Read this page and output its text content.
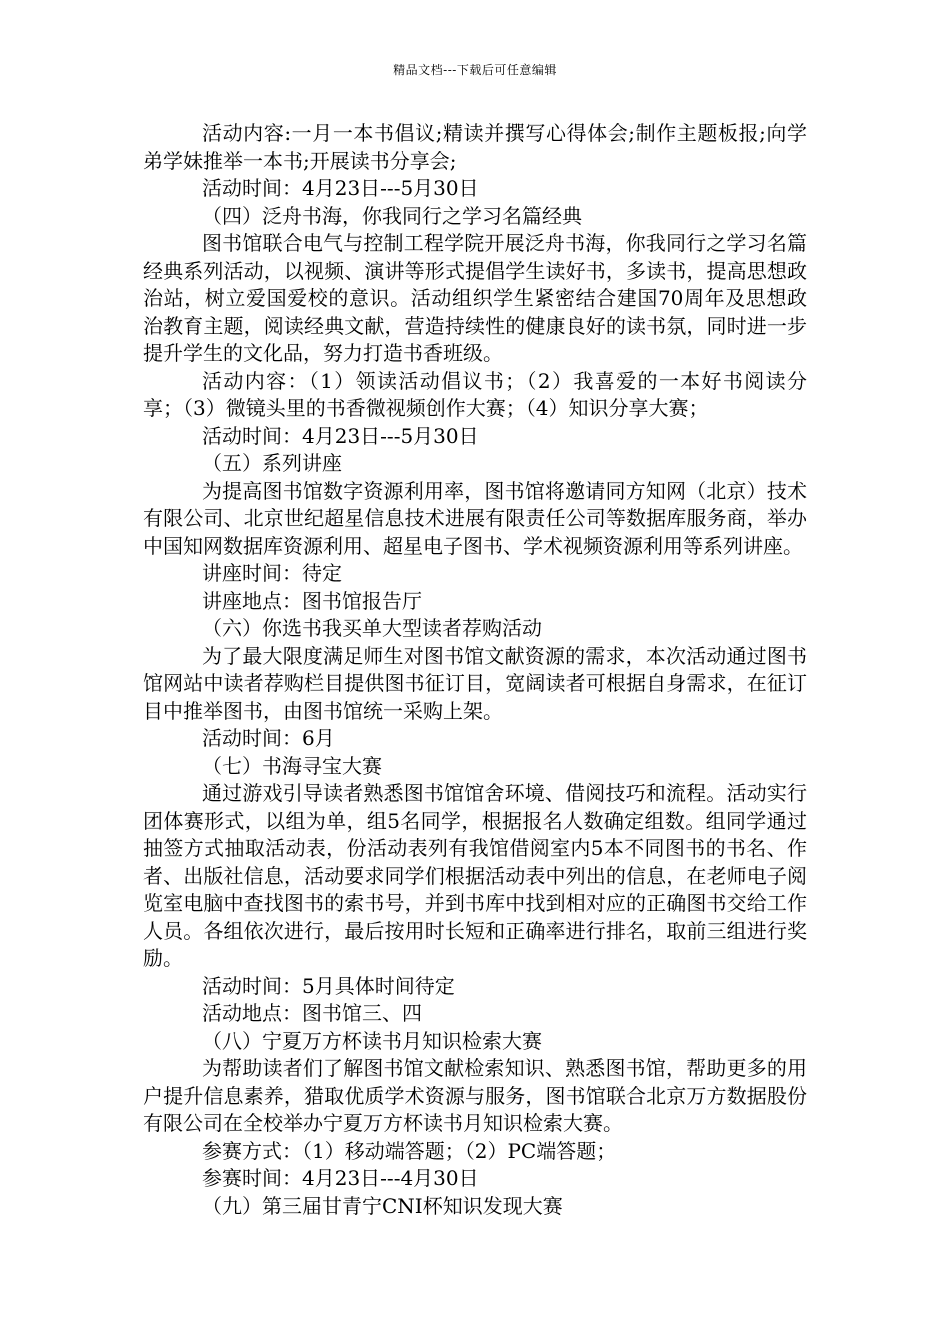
精品文档---下载后可任意编辑

活动内容:一月一本书倡议;精读并撰写心得体会;制作主题板报;向学弟学妹推举一本书;开展读书分享会;

活动时间：4月23日---5月30日

（四）泛舟书海，你我同行之学习名篇经典

图书馆联合电气与控制工程学院开展泛舟书海，你我同行之学习名篇经典系列活动，以视频、演讲等形式提倡学生读好书，多读书，提高思想政治站，树立爱国爱校的意识。活动组织学生紧密结合建国70周年及思想政治教育主题，阅读经典文献，营造持续性的健康良好的读书氛，同时进一步提升学生的文化品，努力打造书香班级。

活动内容：（1）领读活动倡议书；（2）我喜爱的一本好书阅读分享；（3）微镜头里的书香微视频创作大赛；（4）知识分享大赛；

活动时间：4月23日---5月30日

（五）系列讲座

为提高图书馆数字资源利用率，图书馆将邀请同方知网（北京）技术有限公司、北京世纪超星信息技术进展有限责任公司等数据库服务商，举办中国知网数据库资源利用、超星电子图书、学术视频资源利用等系列讲座。

讲座时间：待定

讲座地点：图书馆报告厅

（六）你选书我买单大型读者荐购活动

为了最大限度满足师生对图书馆文献资源的需求，本次活动通过图书馆网站中读者荐购栏目提供图书征订目，宽阔读者可根据自身需求，在征订目中推举图书，由图书馆统一采购上架。

活动时间：6月

（七）书海寻宝大赛

通过游戏引导读者熟悉图书馆馆舍环境、借阅技巧和流程。活动实行团体赛形式，以组为单，组5名同学，根据报名人数确定组数。组同学通过抽签方式抽取活动表，份活动表列有我馆借阅室内5本不同图书的书名、作者、出版社信息，活动要求同学们根据活动表中列出的信息，在老师电子阅览室电脑中查找图书的索书号，并到书库中找到相对应的正确图书交给工作人员。各组依次进行，最后按用时长短和正确率进行排名，取前三组进行奖励。

活动时间：5月具体时间待定

活动地点：图书馆三、四

（八）宁夏万方杯读书月知识检索大赛

为帮助读者们了解图书馆文献检索知识、熟悉图书馆，帮助更多的用户提升信息素养，猎取优质学术资源与服务，图书馆联合北京万方数据股份有限公司在全校举办宁夏万方杯读书月知识检索大赛。

参赛方式：（1）移动端答题；（2）PC端答题；

参赛时间：4月23日---4月30日

（九）第三届甘青宁CNI杯知识发现大赛
